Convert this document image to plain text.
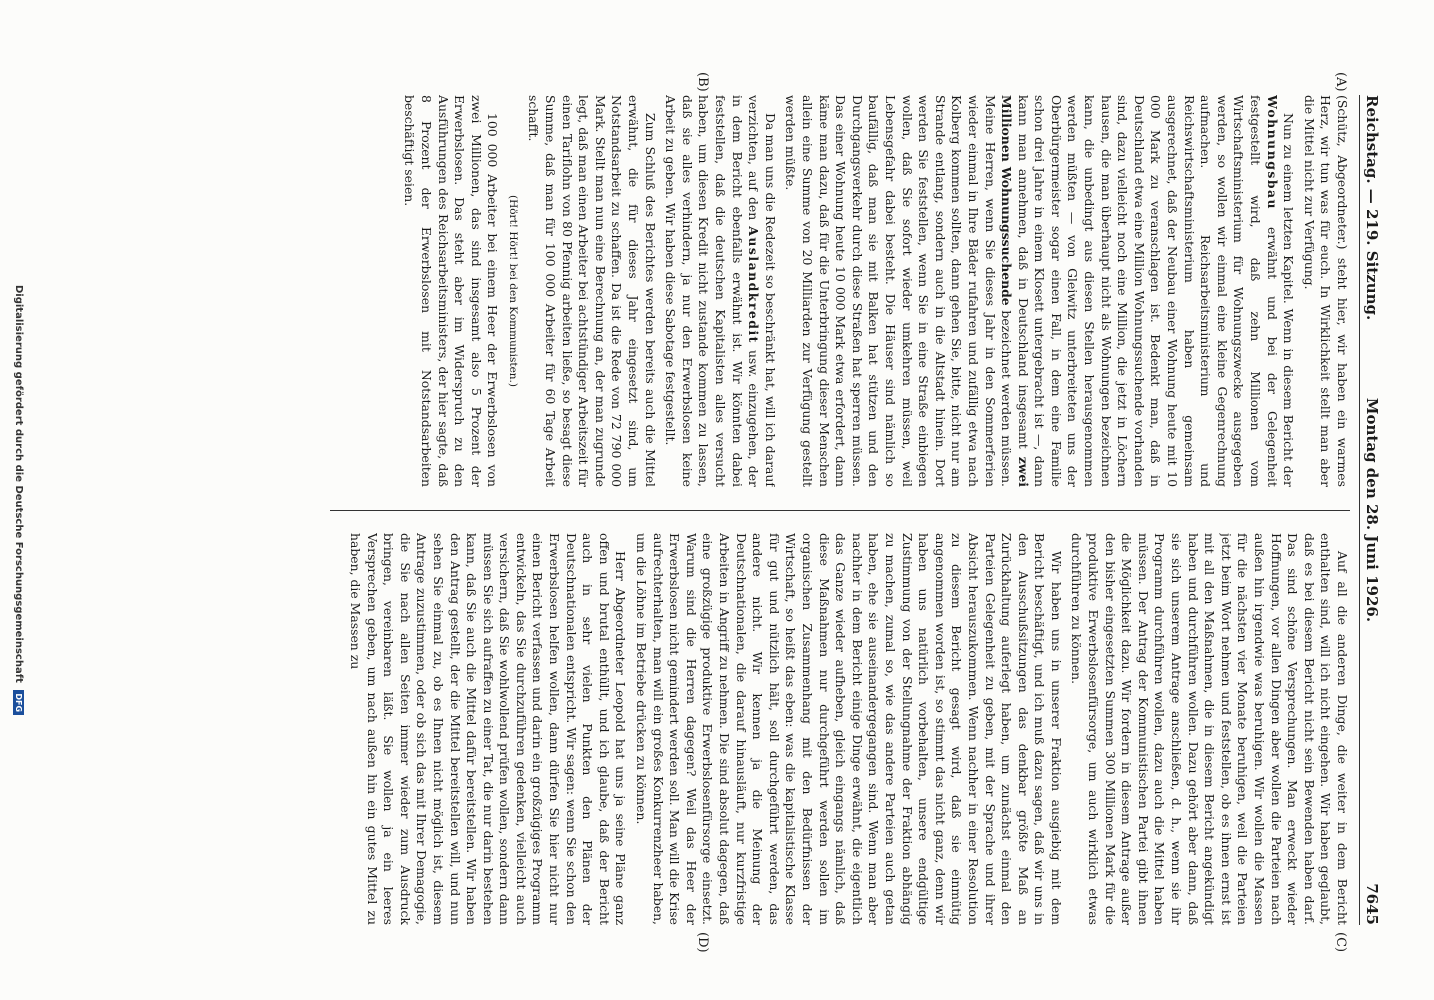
Reichstag. — 219. Sitzung.
Montag den 28. Juni 1926.
7645
(A)
(B)
(C)
(D)

(Schütz, Abgeordneter.) steht hier, wir haben ein warmes Herz, wir tun was für euch. In Wirklichkeit stellt man aber die Mittel nicht zur Verfügung.

Nun zu einem letzten Kapitel. Wenn in diesem Bericht der Wohnungsbau erwähnt und bei der Gelegenheit festgestellt wird, daß zehn Millionen vom Wirtschaftsministerium für Wohnungszwecke ausgegeben werden, so wollen wir einmal eine kleine Gegenrechnung aufmachen. Reichsarbeitsministerium und Reichswirtschaftsministerium haben gemeinsam ausgerechnet, daß der Neubau einer Wohnung heute mit 10 000 Mark zu veranschlagen ist. Bedenkt man, daß in Deutschland etwa eine Million Wohnungssuchende vorhanden sind, dazu vielleicht noch eine Million, die jetzt in Löchern hausen, die man überhaupt nicht als Wohnungen bezeichnen kann, die unbedingt aus diesen Stellen herausgenommen werden müßten — von Gleiwitz unterbreiteten uns der Oberbürgermeister sogar einen Fall, in dem eine Familie schon drei Jahre in einem Klosett untergebracht ist —, dann kann man annehmen, daß in Deutschland insgesamt zwei Millionen Wohnungssuchende bezeichnet werden müssen. Meine Herren, wenn Sie dieses Jahr in den Sommerferien wieder einmal in Ihre Bäder rufahren und zufällig etwa nach Kolberg kommen sollten, dann gehen Sie, bitte, nicht nur am Strande entlang, sondern auch in die Altstadt hinein. Dort werden Sie feststellen, wenn Sie in eine Straße einbiegen wollen, daß Sie sofort wieder umkehren müssen, weil Lebensgefahr dabei besteht. Die Häuser sind nämlich so baufällig, daß man sie mit Balken hat stützen und den Durchgangsverkehr durch diese Straßen hat sperren müssen. Das einer Wohnung heute 10 000 Mark etwa erfordert, dann käme man dazu, daß für die Unterbringung dieser Menschen allein eine Summe von 20 Milliarden zur Verfügung gestellt werden müßte.

Da man uns die Redezeit so beschränkt hat, will ich darauf verzichten, auf den Auslandkredit usw. einzugehen, der in dem Bericht ebenfalls erwähnt ist. Wir könnten dabei feststellen, daß die deutschen Kapitalisten alles versucht haben, um diesen Kredit nicht zustande kommen zu lassen, daß sie alles verhindern, ja nur den Erwerbslosen keine Arbeit zu geben. Wir haben diese Sabotage festgestellt.

Zum Schluß des Berichtes werden bereits auch die Mittel erwähnt, die für dieses Jahr eingesetzt sind, um Notstandsarbeit zu schaffen. Da ist die Rede von 72 790 000 Mark. Stellt man nun eine Berechnung an, der man zugrunde legt, daß man einen Arbeiter bei achtstündiger Arbeitszeit für einen Tariflohn von 80 Pfennig arbeiten ließe, so besagt diese Summe, daß man für 100 000 Arbeiter für 60 Tage Arbeit schafft.

(Hört! Hört! bei den Kommunisten.)

100 000 Arbeiter bei einem Heer der Erwerbslosen von zwei Millionen, das sind insgesamt also 5 Prozent der Erwerbslosen. Das steht aber im Widerspruch zu den Ausführungen des Reichsarbeitsministers, der hier sagte, daß 8 Prozent der Erwerbslosen mit Notstandsarbeiten beschäftigt seien.

Auf all die anderen Dinge, die weiter in dem Bericht enthalten sind, will ich nicht eingehen. Wir haben geglaubt, daß es bei diesem Bericht nicht sein Bewenden haben darf. Das sind schöne Versprechungen. Man erweckt wieder Hoffnungen, vor allen Dingen aber wollen die Parteien nach außen hin irgendwie was beruhigen. Wir wollen die Massen für die nächsten vier Monate beruhigen, weil die Parteien jetzt beim Wort nehmen und feststellen, ob es ihnen ernst ist mit all den Maßnahmen, die in diesem Bericht angekündigt haben und durchführen wollen. Dazu gehört aber dann, daß sie sich unserem Antrage anschließen, d. h., wenn sie ihr Programm durchführen wollen, dazu auch die Mittel haben müssen. Der Antrag der Kommunistischen Partei gibt ihnen die Möglichkeit dazu. Wir fordern in diesem Antrage außer den bisher eingesetzten Summen 300 Millionen Mark für die produktive Erwerbslosenfürsorge, um auch wirklich etwas durchführen zu können.

Wir haben uns in unserer Fraktion ausgiebig mit dem Bericht beschäftigt, und ich muß dazu sagen, daß wir uns in den Ausschußsitzungen das denkbar größte Maß an Zurückhaltung auferlegt haben, um zunächst einmal den Parteien Gelegenheit zu geben, mit der Sprache und ihrer Absicht herauszukommen. Wenn nachher in einer Resolution zu diesem Bericht gesagt wird, daß sie einmütig angenommen worden ist, so stimmt das nicht ganz, denn wir haben uns natürlich vorbehalten, unsere endgültige Zustimmung von der Stellungnahme der Fraktion abhängig zu machen, zumal so, wie das andere Parteien auch getan haben, ehe sie auseinandergegangen sind. Wenn man aber nachher in dem Bericht einige Dinge erwähnt, die eigentlich das Ganze wieder aufheben, gleich eingangs nämlich, daß diese Maßnahmen nur durchgeführt werden sollen im organischen Zusammenhang mit den Bedürfnissen der Wirtschaft, so heißt das eben: was die kapitalistische Klasse für gut und nützlich hält, soll durchgeführt werden, das andere nicht. Wir kennen ja die Meinung der Deutschnationalen, die darauf hinausläuft, nur kurzfristige Arbeiten in Angriff zu nehmen. Die sind absolut dagegen, daß eine großzügige produktive Erwerbslosenfürsorge einsetzt. Warum sind die Herren dagegen? Weil das Heer der Erwerbslosen nicht gemindert werden soll. Man will die Krise aufrechterhalten, man will ein großes Konkurrenzheer haben, um die Löhne im Betriebe drücken zu können.

Herr Abgeordneter Leopold hat uns ja seine Pläne ganz offen und brutal enthüllt, und ich glaube, daß der Bericht auch in sehr vielen Punkten den Plänen der Deutschnationalen entspricht. Wir sagen: wenn Sie schon den Erwerbslosen helfen wollen, dann dürfen Sie hier nicht nur einen Bericht verfassen und darin ein großzügiges Programm entwickeln, das Sie durchzuführen gedenken, vielleicht auch versichern, daß Sie wohlwollend prüfen wollen, sondern dann müssen Sie sich aufraffen zu einer Tat, die nur darin bestehen kann, daß Sie auch die Mittel dafür bereitstellen. Wir haben den Antrag gestellt, der die Mittel bereitstellen will, und nun sehen Sie einmal zu, ob es Ihnen nicht möglich ist, diesem Antrage zuzustimmen, oder ob sich das mit Ihrer Demagogie, die Sie nach allen Seiten immer wieder zum Ausdruck bringen, vereinbaren läßt. Sie wollen ja ein leeres Versprechen geben, um nach außen hin ein gutes Mittel zu haben, die Massen zu

Digitalisierung gefördert durch die Deutsche Forschungsgemeinschaft DFG
